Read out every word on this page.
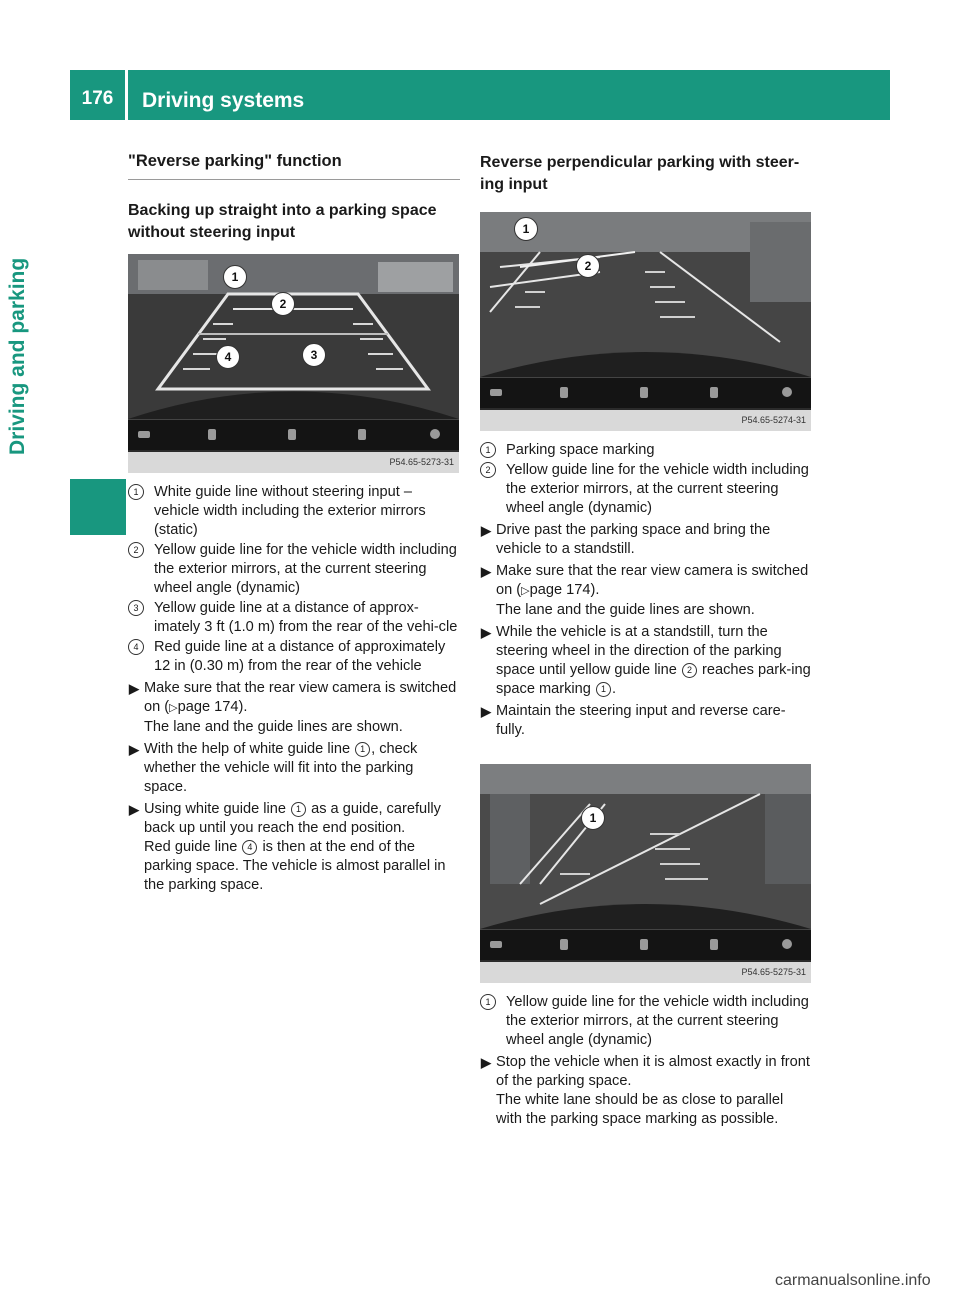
176	Driving systems
Driving and parking
"Reverse parking" function
Backing up straight into a parking space without steering input
1
2
3
4
P54.65-5273-31
1	White guide line without steering input – vehicle width including the exterior mirrors (static)
2	Yellow guide line for the vehicle width including the exterior mirrors, at the current steering wheel angle (dynamic)
3	Yellow guide line at a distance of approx-imately 3 ft (1.0 m) from the rear of the vehi-cle
4	Red guide line at a distance of approximately 12 in (0.30 m) from the rear of the vehicle
▶ Make sure that the rear view camera is switched on (▷page 174).
The lane and the guide lines are shown.
▶ With the help of white guide line 1 , check whether the vehicle will fit into the parking space.
▶ Using white guide line 1 as a guide, carefully back up until you reach the end position.
Red guide line 4 is then at the end of the parking space. The vehicle is almost parallel in the parking space.
Reverse perpendicular parking with steer-ing input
1
2
P54.65-5274-31
1	Parking space marking
2	Yellow guide line for the vehicle width including the exterior mirrors, at the current steering wheel angle (dynamic)
▶ Drive past the parking space and bring the vehicle to a standstill.
▶ Make sure that the rear view camera is switched on (▷page 174).
The lane and the guide lines are shown.
▶ While the vehicle is at a standstill, turn the steering wheel in the direction of the parking space until yellow guide line 2 reaches park-ing space marking 1 .
▶ Maintain the steering input and reverse care-fully.
1
P54.65-5275-31
1	Yellow guide line for the vehicle width including the exterior mirrors, at the current steering wheel angle (dynamic)
▶ Stop the vehicle when it is almost exactly in front of the parking space.
The white lane should be as close to parallel with the parking space marking as possible.
carmanualsonline.info
